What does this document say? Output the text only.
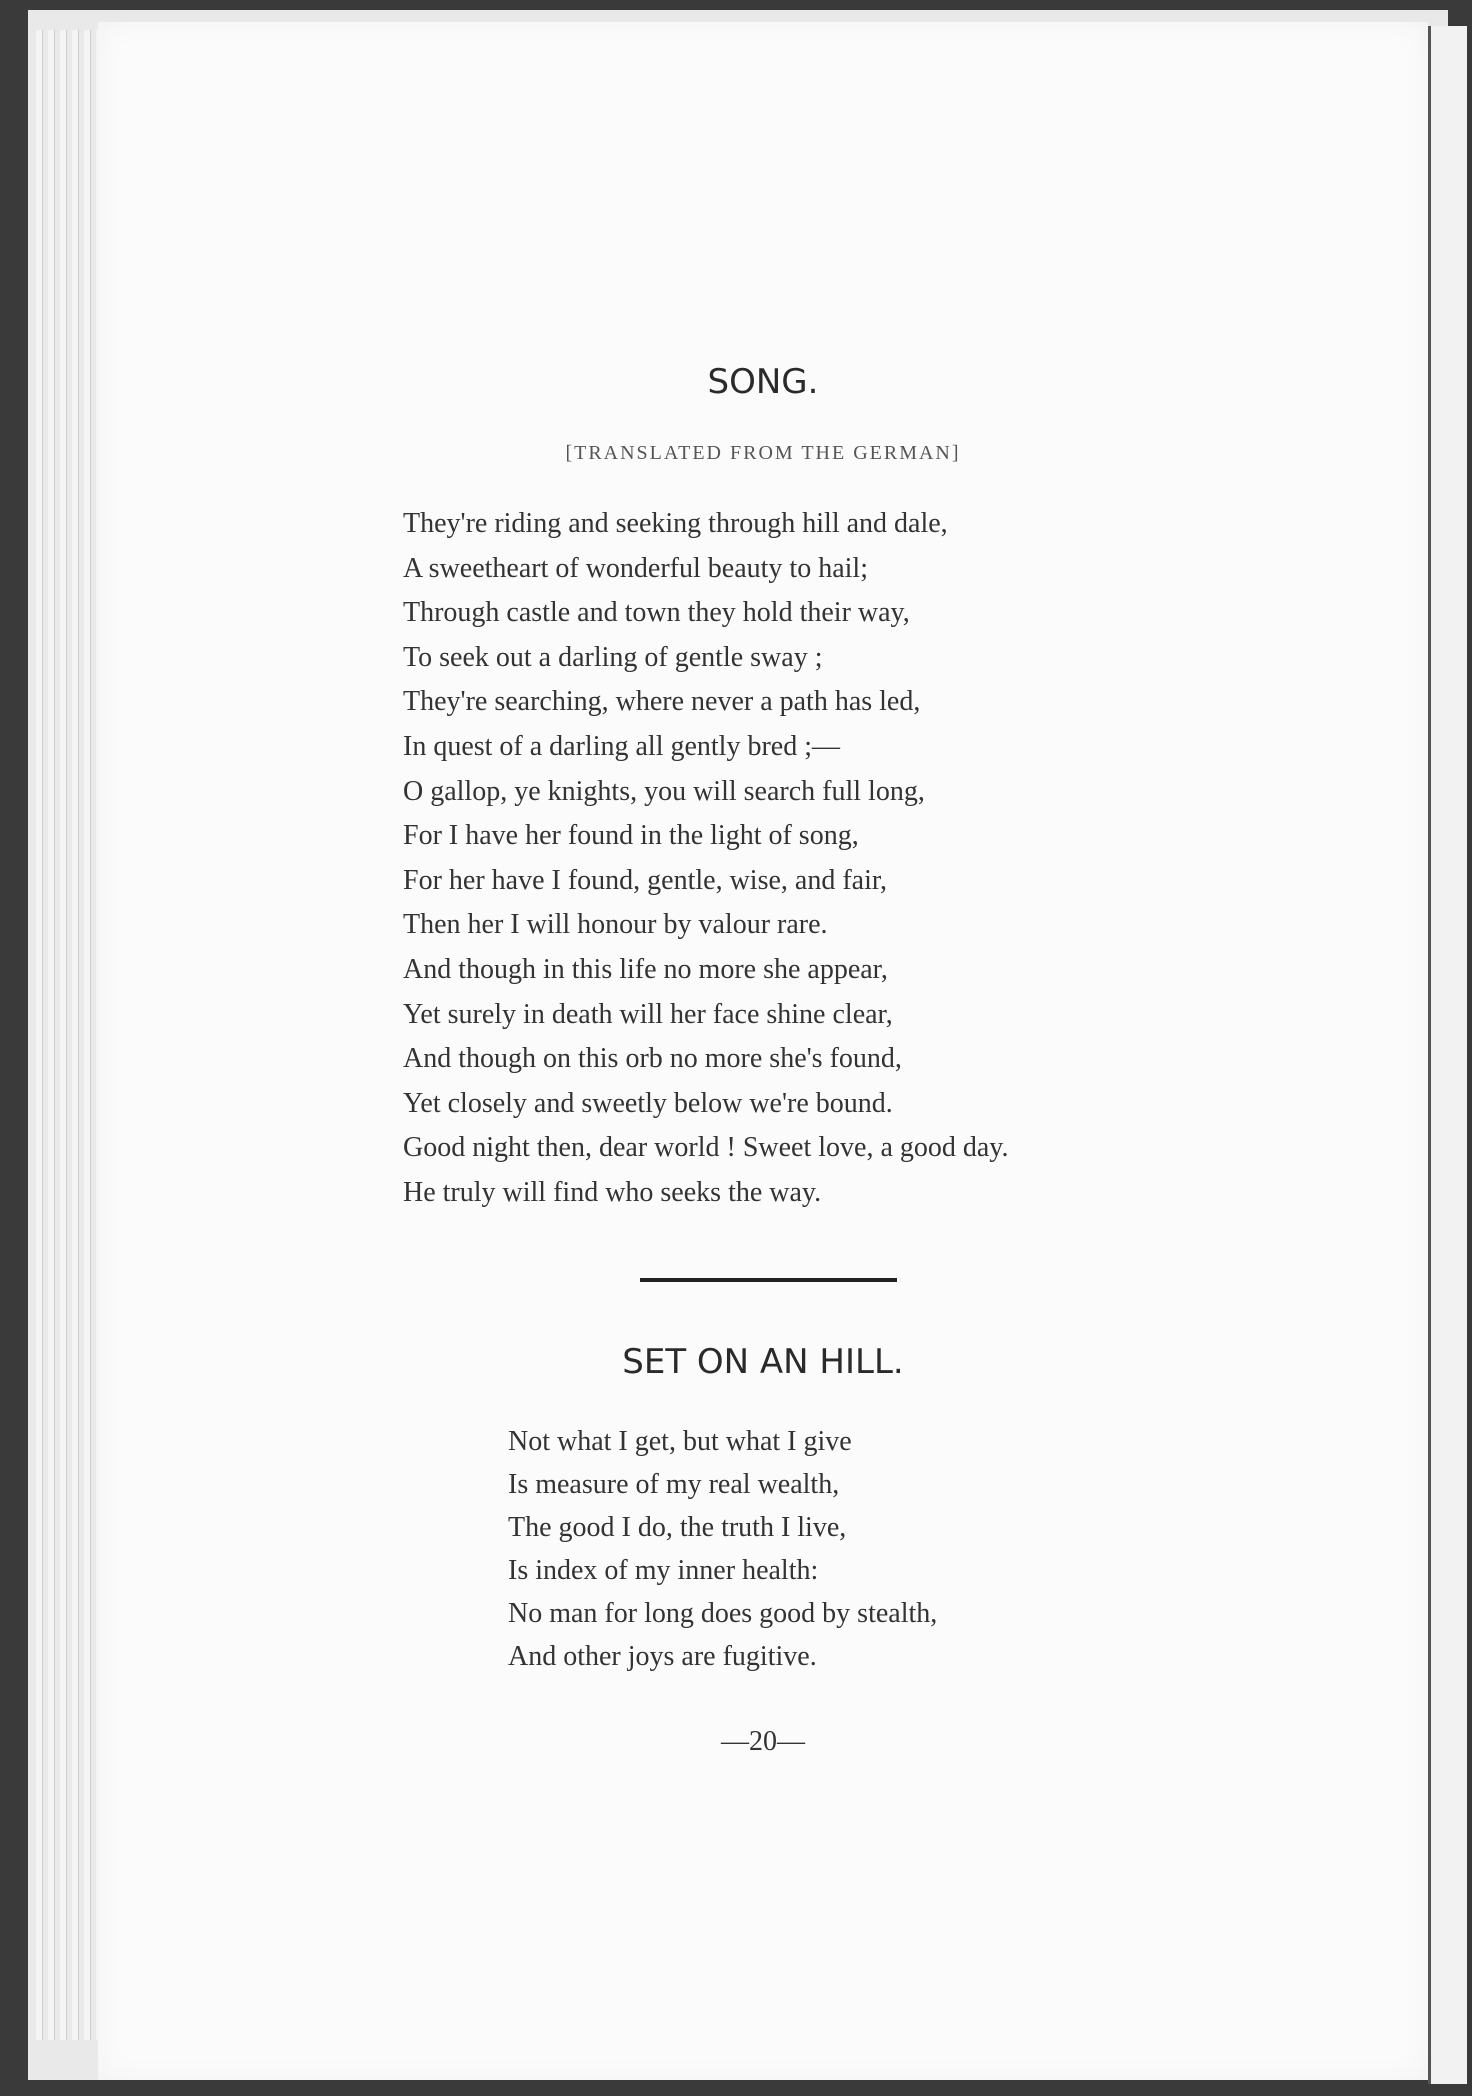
SONG.
[TRANSLATED FROM THE GERMAN]
They're riding and seeking through hill and dale,
A sweetheart of wonderful beauty to hail;
Through castle and town they hold their way,
To seek out a darling of gentle sway ;
They're searching, where never a path has led,
In quest of a darling all gently bred ;—
O gallop, ye knights, you will search full long,
For I have her found in the light of song,
For her have I found, gentle, wise, and fair,
Then her I will honour by valour rare.
And though in this life no more she appear,
Yet surely in death will her face shine clear,
And though on this orb no more she's found,
Yet closely and sweetly below we're bound.
Good night then, dear world ! Sweet love, a good day.
He truly will find who seeks the way.
SET ON AN HILL.
Not what I get, but what I give
Is measure of my real wealth,
The good I do, the truth I live,
Is index of my inner health:
No man for long does good by stealth,
And other joys are fugitive.
—20—
